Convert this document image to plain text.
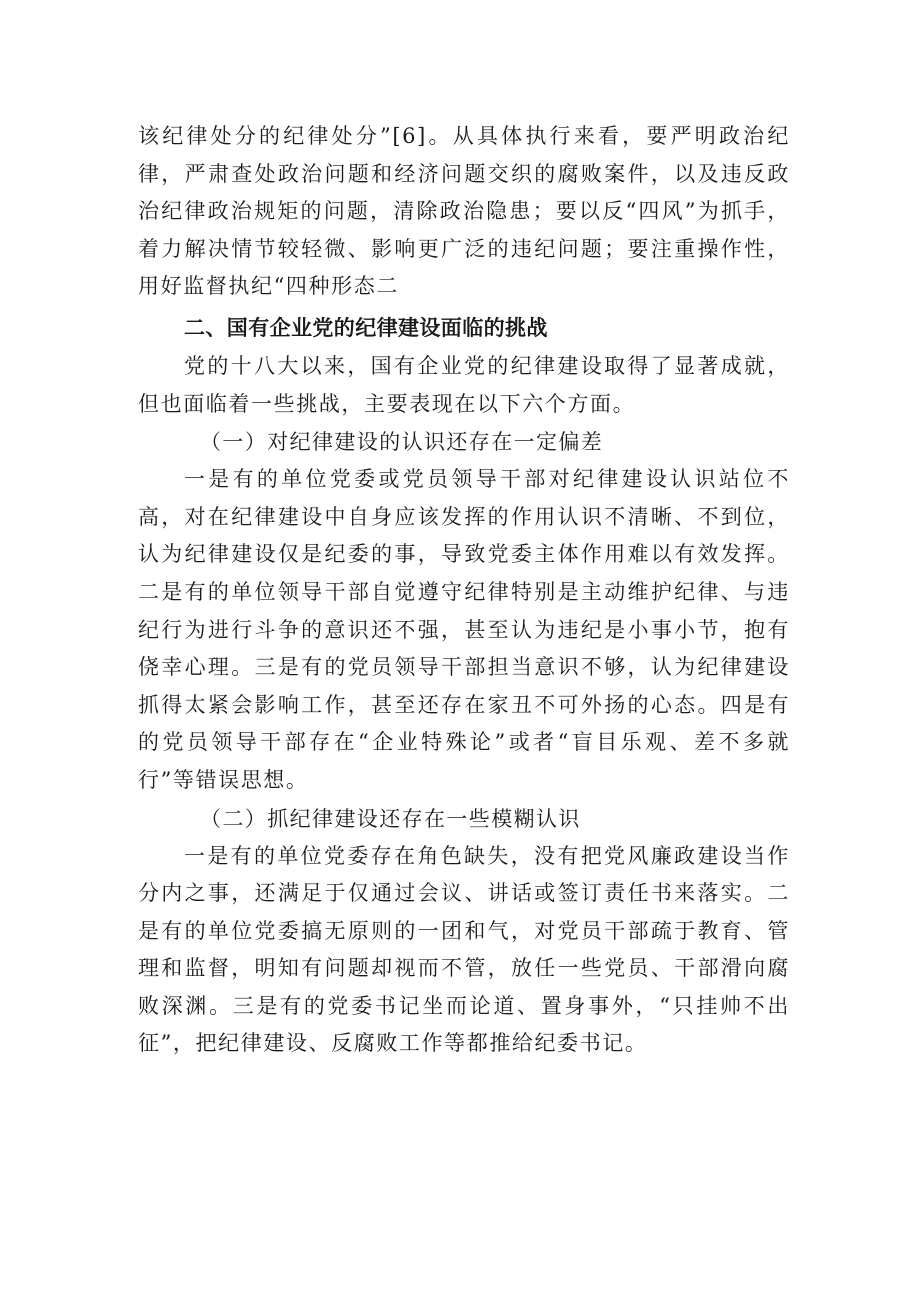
该纪律处分的纪律处分”[6]。从具体执行来看，要严明政治纪律，严肃查处政治问题和经济问题交织的腐败案件，以及违反政治纪律政治规矩的问题，清除政治隐患；要以反“四风”为抓手，着力解决情节较轻微、影响更广泛的违纪问题；要注重操作性，用好监督执纪“四种形态二

二、国有企业党的纪律建设面临的挑战

党的十八大以来，国有企业党的纪律建设取得了显著成就，但也面临着一些挑战，主要表现在以下六个方面。

（一）对纪律建设的认识还存在一定偏差

一是有的单位党委或党员领导干部对纪律建设认识站位不高，对在纪律建设中自身应该发挥的作用认识不清晰、不到位，认为纪律建设仅是纪委的事，导致党委主体作用难以有效发挥。二是有的单位领导干部自觉遵守纪律特别是主动维护纪律、与违纪行为进行斗争的意识还不强，甚至认为违纪是小事小节，抱有侥幸心理。三是有的党员领导干部担当意识不够，认为纪律建设抓得太紧会影响工作，甚至还存在家丑不可外扬的心态。四是有的党员领导干部存在“企业特殊论”或者“盲目乐观、差不多就行”等错误思想。

（二）抓纪律建设还存在一些模糊认识

一是有的单位党委存在角色缺失，没有把党风廉政建设当作分内之事，还满足于仅通过会议、讲话或签订责任书来落实。二是有的单位党委搞无原则的一团和气，对党员干部疏于教育、管理和监督，明知有问题却视而不管，放任一些党员、干部滑向腐败深渊。三是有的党委书记坐而论道、置身事外，“只挂帅不出征”，把纪律建设、反腐败工作等都推给纪委书记。
